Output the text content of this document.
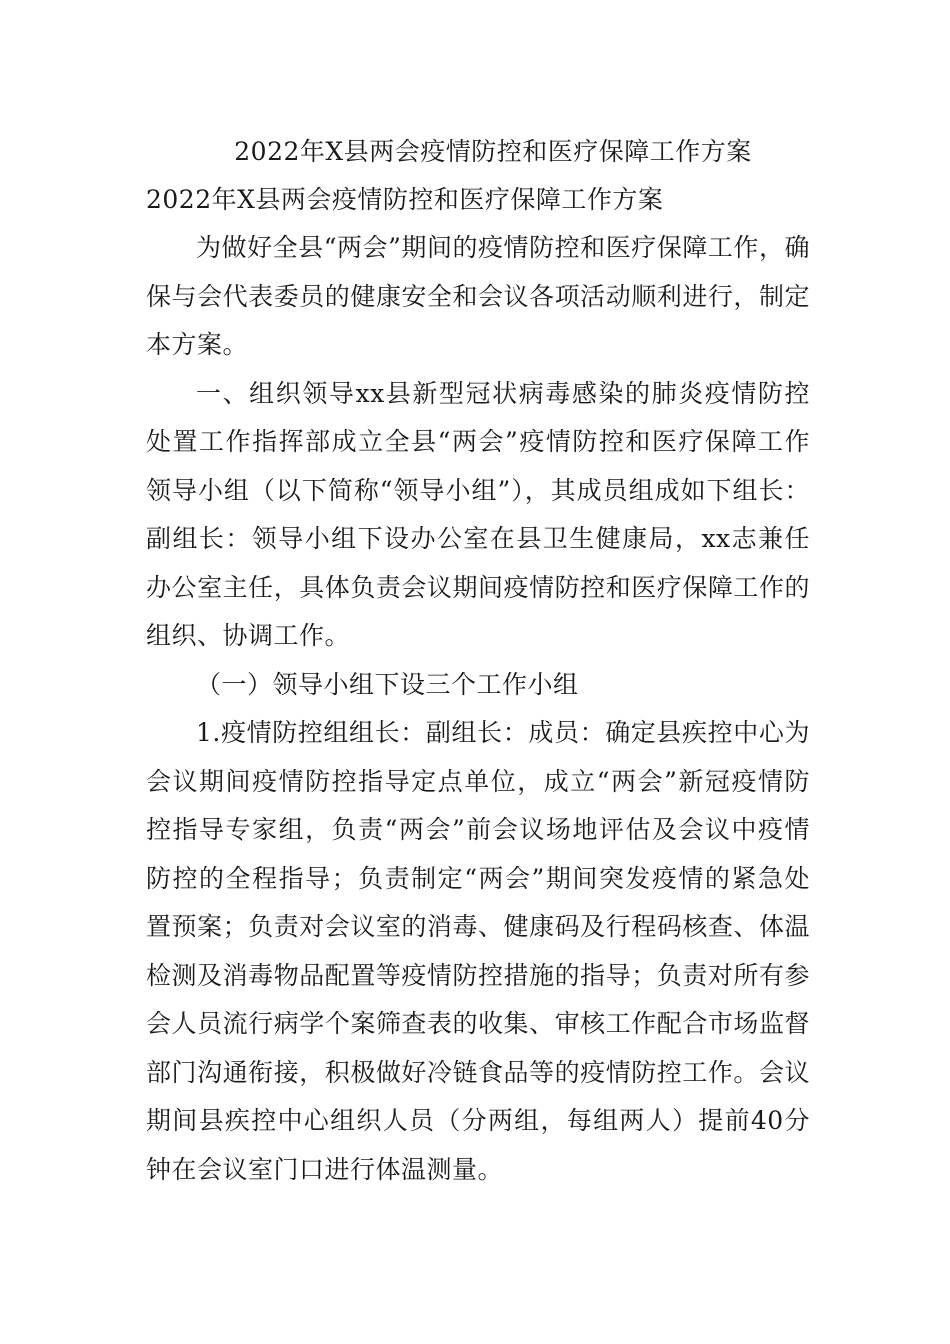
2022年X县两会疫情防控和医疗保障工作方案
2022年X县两会疫情防控和医疗保障工作方案

为做好全县“两会”期间的疫情防控和医疗保障工作，确保与会代表委员的健康安全和会议各项活动顺利进行，制定本方案。

一、组织领导xx县新型冠状病毒感染的肺炎疫情防控处置工作指挥部成立全县“两会”疫情防控和医疗保障工作领导小组（以下简称“领导小组”），其成员组成如下组长：副组长：领导小组下设办公室在县卫生健康局，xx志兼任办公室主任，具体负责会议期间疫情防控和医疗保障工作的组织、协调工作。

（一）领导小组下设三个工作小组

1.疫情防控组组长：副组长：成员：确定县疾控中心为会议期间疫情防控指导定点单位，成立“两会”新冠疫情防控指导专家组，负责“两会”前会议场地评估及会议中疫情防控的全程指导；负责制定“两会”期间突发疫情的紧急处置预案；负责对会议室的消毒、健康码及行程码核查、体温检测及消毒物品配置等疫情防控措施的指导；负责对所有参会人员流行病学个案筛查表的收集、审核工作配合市场监督部门沟通衔接，积极做好冷链食品等的疫情防控工作。会议期间县疾控中心组织人员（分两组，每组两人）提前40分钟在会议室门口进行体温测量。
